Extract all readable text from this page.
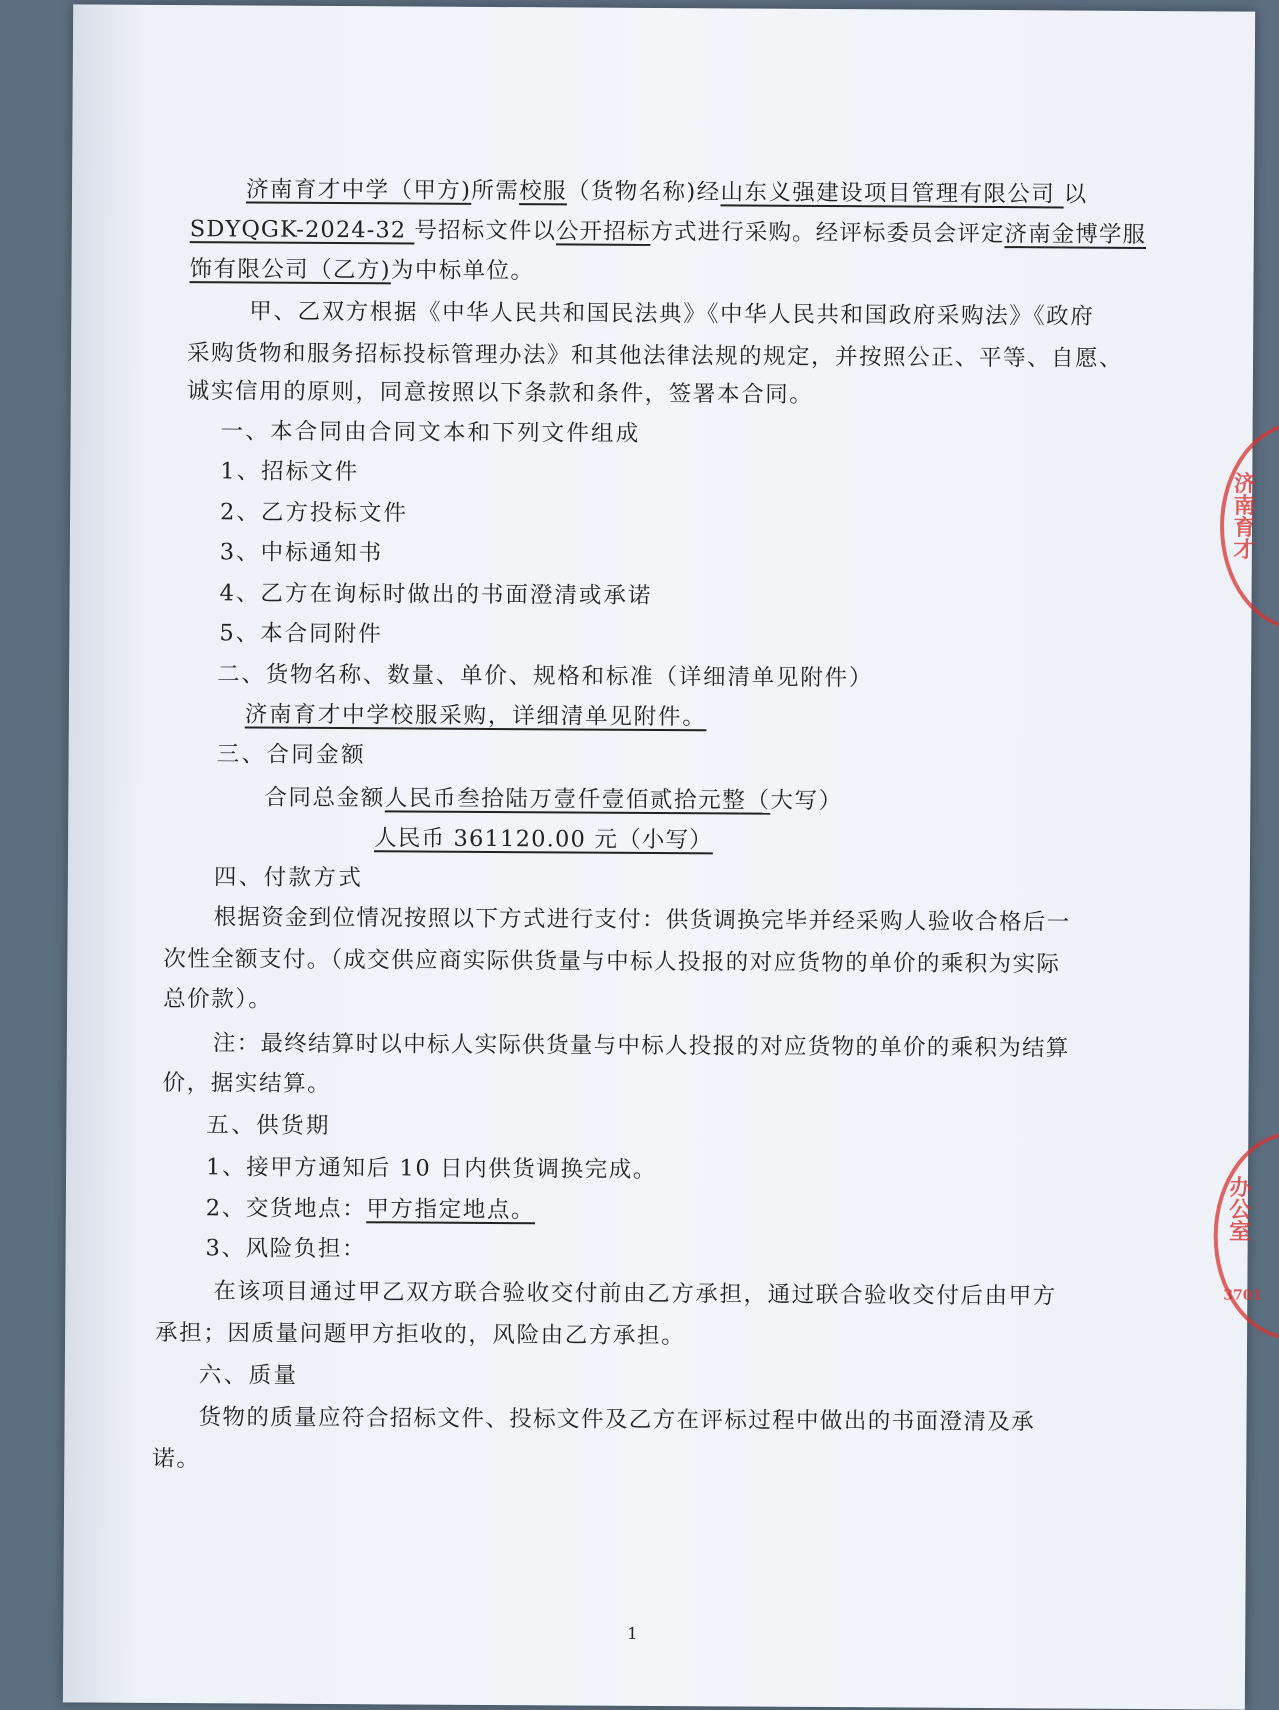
济南育才中学（甲方)所需校服（货物名称)经山东义强建设项目管理有限公司 以
SDYQGK-2024-32 号招标文件以公开招标方式进行采购。经评标委员会评定济南金博学服
饰有限公司（乙方)为中标单位。
甲、乙双方根据《中华人民共和国民法典》《中华人民共和国政府采购法》《政府
采购货物和服务招标投标管理办法》和其他法律法规的规定，并按照公正、平等、自愿、
诚实信用的原则，同意按照以下条款和条件，签署本合同。
一、本合同由合同文本和下列文件组成
1、招标文件
2、乙方投标文件
3、中标通知书
4、乙方在询标时做出的书面澄清或承诺
5、本合同附件
二、货物名称、数量、单价、规格和标准（详细清单见附件）
济南育才中学校服采购，详细清单见附件。
三、合同金额
合同总金额人民币叁拾陆万壹仟壹佰贰拾元整（大写）
人民币 361120.00 元（小写）
四、付款方式
根据资金到位情况按照以下方式进行支付：供货调换完毕并经采购人验收合格后一
次性全额支付。（成交供应商实际供货量与中标人投报的对应货物的单价的乘积为实际
总价款）。
注：最终结算时以中标人实际供货量与中标人投报的对应货物的单价的乘积为结算
价，据实结算。
五、供货期
1、接甲方通知后 10 日内供货调换完成。
2、交货地点：甲方指定地点。
3、风险负担：
在该项目通过甲乙双方联合验收交付前由乙方承担，通过联合验收交付后由甲方
承担；因质量问题甲方拒收的，风险由乙方承担。
六、质量
货物的质量应符合招标文件、投标文件及乙方在评标过程中做出的书面澄清及承
诺。
1
济南育才
办公室
3701
